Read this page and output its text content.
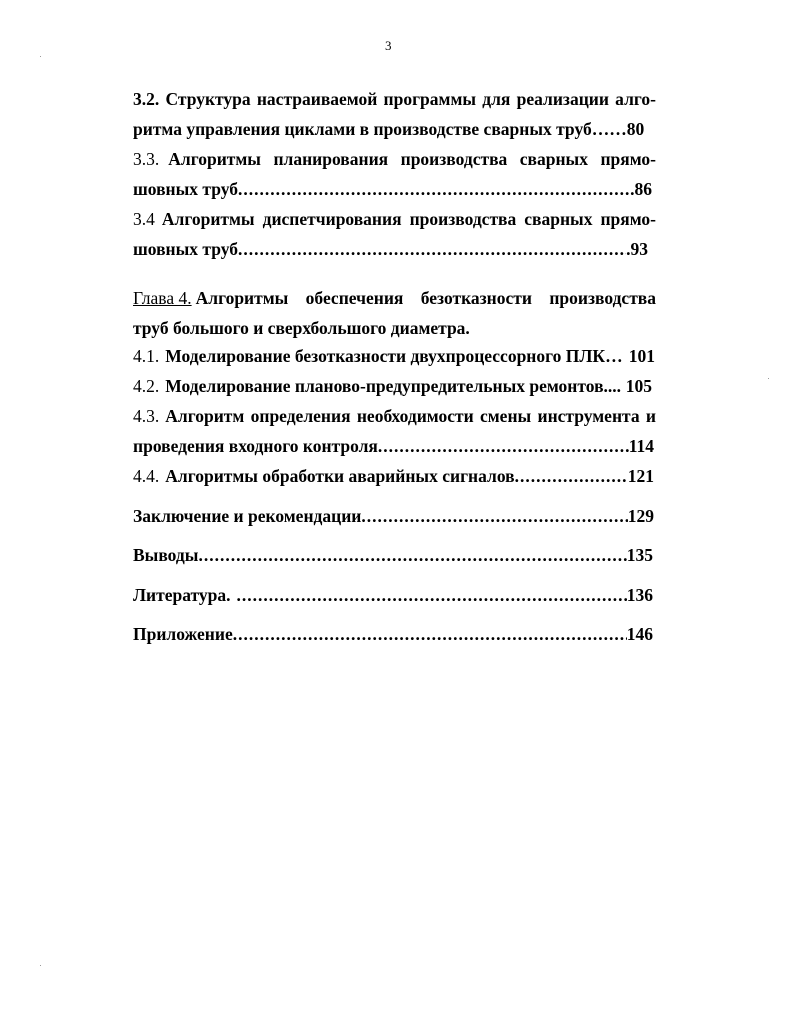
3
3.2. Структура настраиваемой программы для реализации алго-
ритма управления циклами в производстве сварных труб …… 80
3.3. Алгоритмы планирования производства сварных прямо-
шовных труб .....	.86
3.4 Алгоритмы диспетчирования производства сварных прямо-
шовных труб .....	.93
Глава 4. Алгоритмы обеспечения безотказности производства
труб большого и сверхбольшого диаметра.
4.1. Моделирование безотказности двухпроцессорного ПЛК… 101
4.2. Моделирование планово-предупредительных ремонтов.... 105
4.3. Алгоритм определения необходимости смены инструмента и
проведения входного контроля .....	114
4.4. Алгоритмы обработки аварийных сигналов .....	121
Заключение и рекомендации .....	129
Выводы .....	135
Литература. .....	136
Приложение .....	146
